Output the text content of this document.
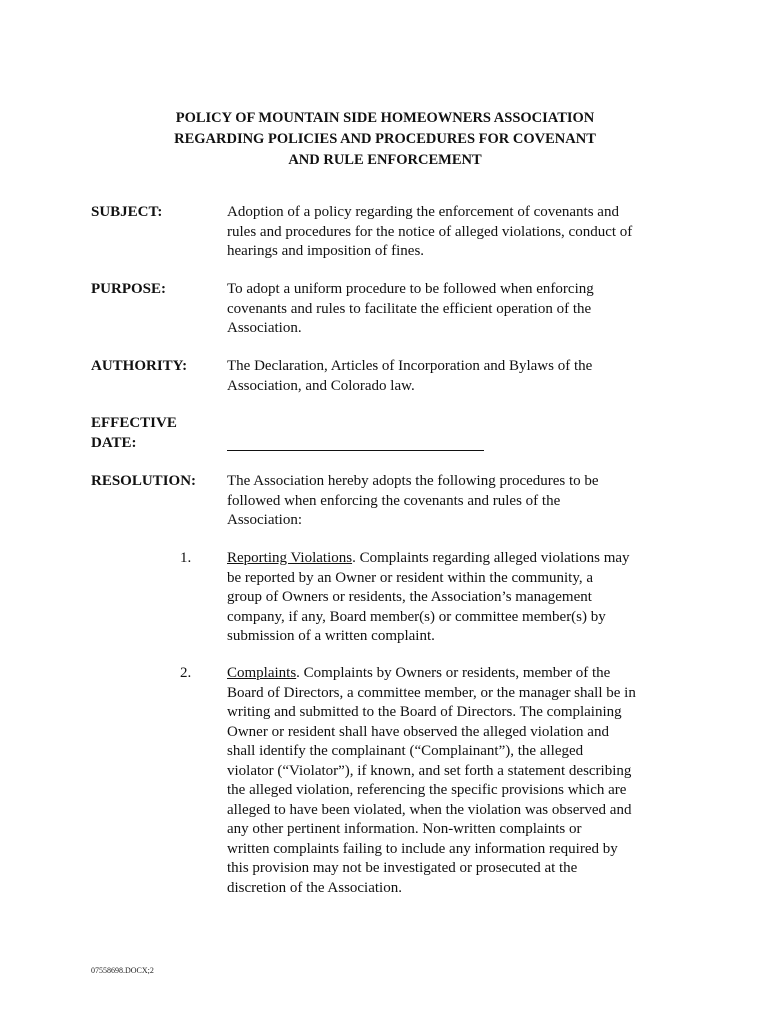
POLICY OF MOUNTAIN SIDE HOMEOWNERS ASSOCIATION
REGARDING POLICIES AND PROCEDURES FOR COVENANT
AND RULE ENFORCEMENT
SUBJECT:	Adoption of a policy regarding the enforcement of covenants and
rules and procedures for the notice of alleged violations, conduct of
hearings and imposition of fines.
PURPOSE:	To adopt a uniform procedure to be followed when enforcing
covenants and rules to facilitate the efficient operation of the
Association.
AUTHORITY:	The Declaration, Articles of Incorporation and Bylaws of the
Association, and Colorado law.
EFFECTIVE
DATE:
RESOLUTION: The Association hereby adopts the following procedures to be
followed when enforcing the covenants and rules of the
Association:
1. Reporting Violations. Complaints regarding alleged violations may
be reported by an Owner or resident within the community, a
group of Owners or residents, the Association’s management
company, if any, Board member(s) or committee member(s) by
submission of a written complaint.
2. Complaints. Complaints by Owners or residents, member of the
Board of Directors, a committee member, or the manager shall be in
writing and submitted to the Board of Directors. The complaining
Owner or resident shall have observed the alleged violation and
shall identify the complainant (“Complainant”), the alleged
violator (“Violator”), if known, and set forth a statement describing
the alleged violation, referencing the specific provisions which are
alleged to have been violated, when the violation was observed and
any other pertinent information. Non-written complaints or
written complaints failing to include any information required by
this provision may not be investigated or prosecuted at the
discretion of the Association.
07558698.DOCX;2
